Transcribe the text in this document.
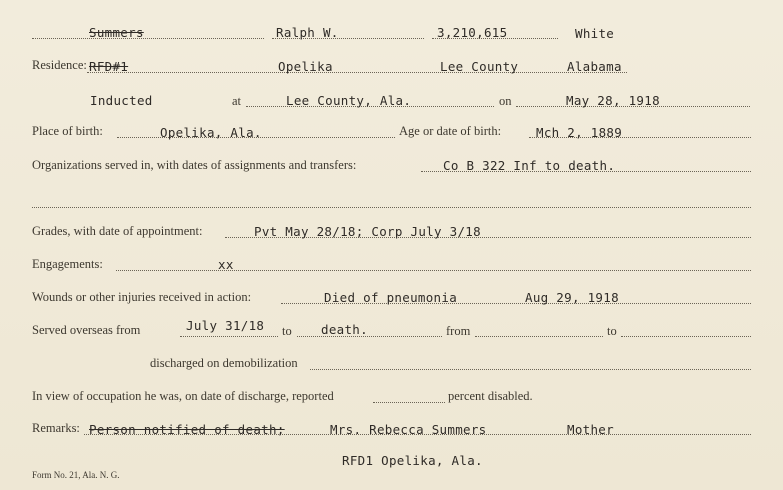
Summers	Ralph W.	3,210,615	White
Residence: RFD#1	Opelika	Lee County	Alabama
Inducted	at	Lee County, Ala.	on	May 28, 1918
Place of birth:	Opelika, Ala.	Age or date of birth:	Mch 2, 1889
Organizations served in, with dates of assignments and transfers:	Co B 322 Inf to death.
Grades, with date of appointment:	Pvt May 28/18; Corp July 3/18
Engagements:	xx
Wounds or other injuries received in action:	Died of pneumonia	Aug 29, 1918
Served overseas from	July 31/18 to death.	from	to
discharged on demobilization
In view of occupation he was, on date of discharge, reported	percent disabled.
Remarks: Person notified of death;	Mrs. Rebecca Summers	Mother
RFD1 Opelika, Ala.
Form No. 21, Ala. N. G.
